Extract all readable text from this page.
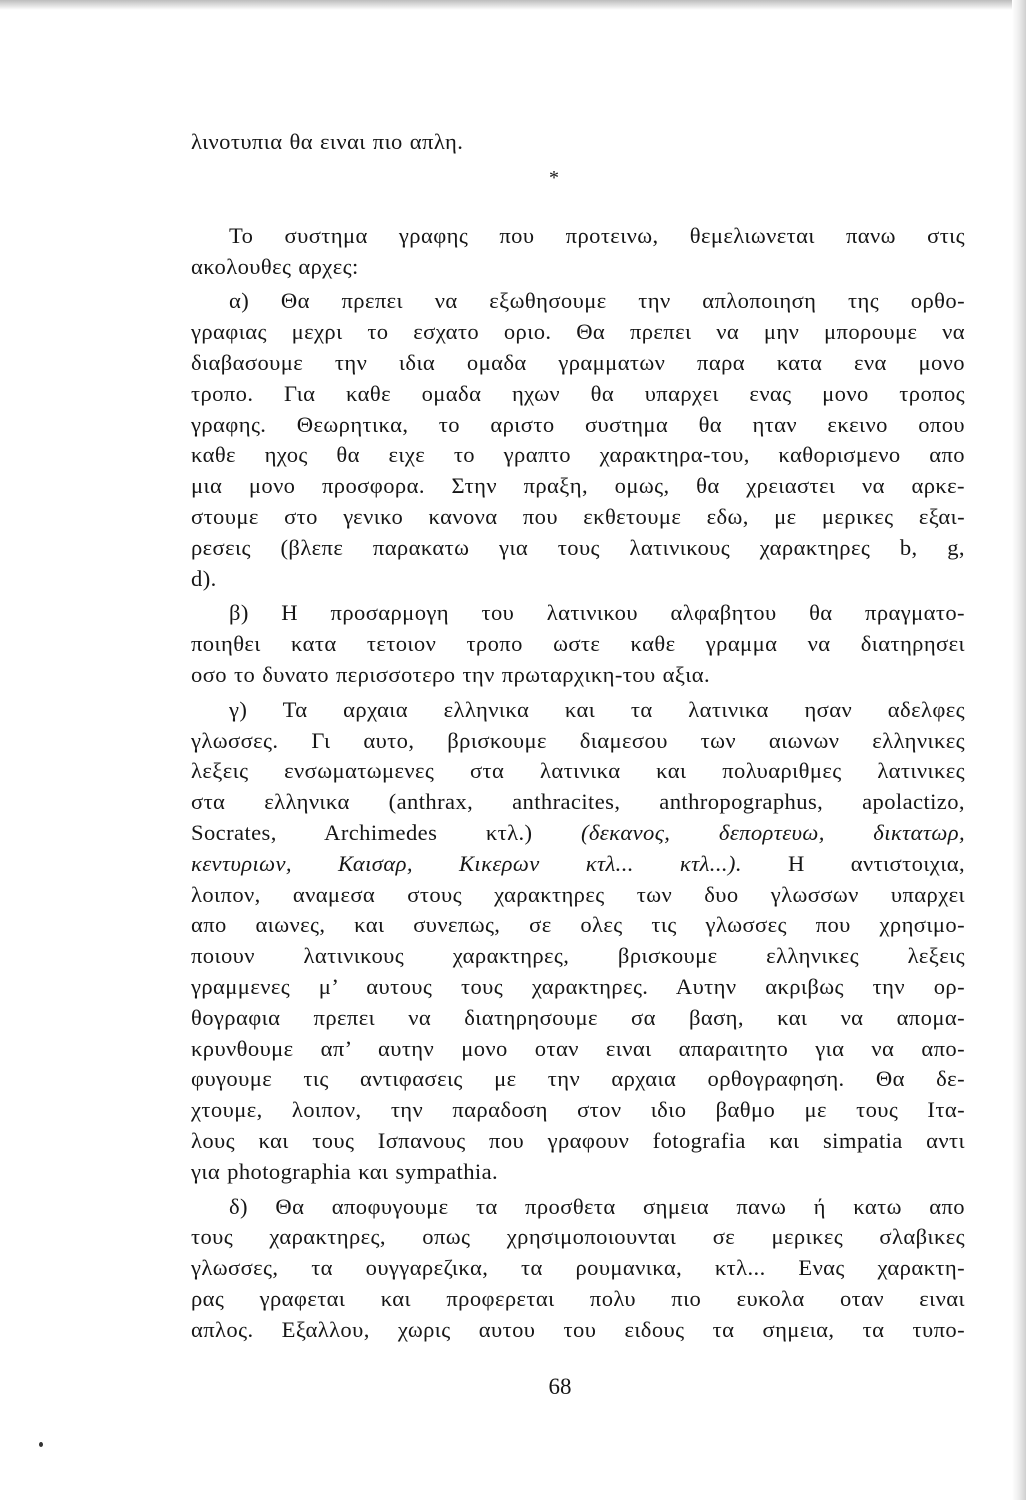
λινοτυπια θα ειναι πιο απλη.

*

Το συστημα γραφης που προτεινω, θεμελιωνεται πανω στις

ακολουθες αρχες:

α) Θα πρεπει να εξωθησουμε την απλοποιηση της ορθο-

γραφιας μεχρι το εσχατο οριο. Θα πρεπει να μην μπορουμε να

διαβασουμε την ιδια ομαδα γραμματων παρα κατα ενα μονο

τροπο. Για καθε ομαδα ηχων θα υπαρχει ενας μονο τροπος

γραφης. Θεωρητικα, το αριστο συστημα θα ηταν εκεινο οπου

καθε ηχος θα ειχε το γραπτο χαρακτηρα-του, καθορισμενο απο

μια μονο προσφορα. Στην πραξη, ομως, θα χρειαστει να αρκε-

στουμε στο γενικο κανονα που εκθετουμε εδω, με μερικες εξαι-

ρεσεις (βλεπε παρακατω για τους λατινικους χαρακτηρες b, g,

d).

β) Η προσαρμογη του λατινικου αλφαβητου θα πραγματο-

ποιηθει κατα τετοιον τροπο ωστε καθε γραμμα να διατηρησει

οσο το δυνατο περισσοτερο την πρωταρχικη-του αξια.

γ) Τα αρχαια ελληνικα και τα λατινικα ησαν αδελφες

γλωσσες. Γι αυτο, βρισκουμε διαμεσου των αιωνων ελληνικες

λεξεις ενσωματωμενες στα λατινικα και πολυαριθμες λατινικες

στα ελληνικα (anthrax, anthracites, anthropographus, apolactizo,

Socrates, Archimedes κτλ.) (δεκανος, δεπορτευω, δικτατωρ,

κεντυριων, Καισαρ, Κικερων κτλ... κτλ...). Η αντιστοιχια,

λοιπον, αναμεσα στους χαρακτηρες των δυο γλωσσων υπαρχει

απο αιωνες, και συνεπως, σε ολες τις γλωσσες που χρησιμο-

ποιουν λατινικους χαρακτηρες, βρισκουμε ελληνικες λεξεις

γραμμενες μ’ αυτους τους χαρακτηρες. Αυτην ακριβως την ορ-

θογραφια πρεπει να διατηρησουμε σα βαση, και να απομα-

κρυνθουμε απ’ αυτην μονο οταν ειναι απαραιτητο για να απο-

φυγουμε τις αντιφασεις με την αρχαια ορθογραφηση. Θα δε-

χτουμε, λοιπον, την παραδοση στον ιδιο βαθμο με τους Ιτα-

λους και τους Ισπανους που γραφουν fotografia και simpatia αντι

για photographia και sympathia.

δ) Θα αποφυγουμε τα προσθετα σημεια πανω ή κατω απο

τους χαρακτηρες, οπως χρησιμοποιουνται σε μερικες σλαβικες

γλωσσες, τα ουγγαρεζικα, τα ρουμανικα, κτλ... Ενας χαρακτη-

ρας γραφεται και προφερεται πολυ πιο ευκολα οταν ειναι

απλος. Εξαλλου, χωρις αυτου του ειδους τα σημεια, τα τυπο-

68
